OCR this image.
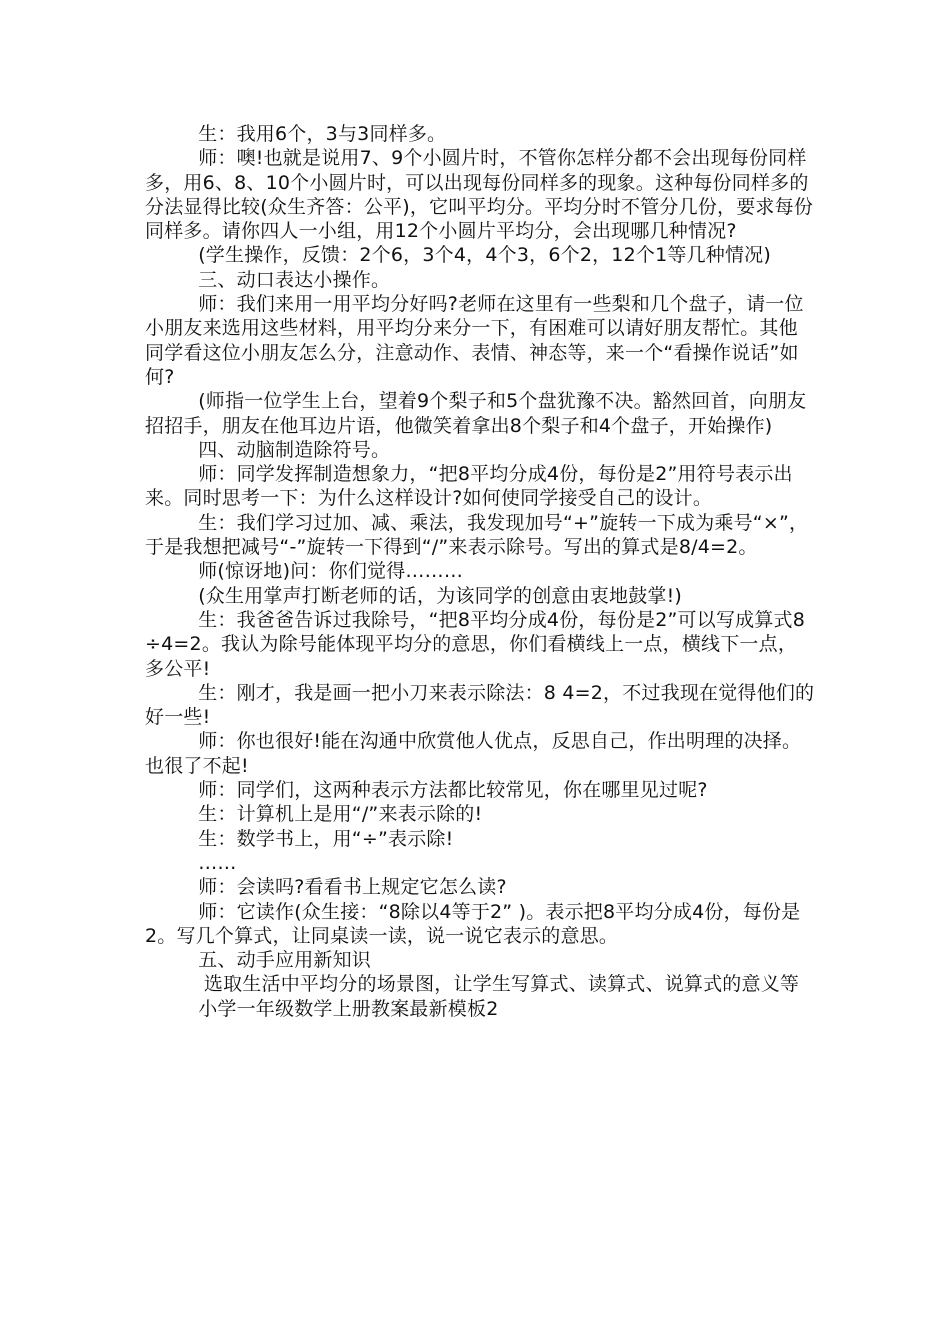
生：我用6个，3与3同样多。

师：噢!也就是说用7、9个小圆片时，不管你怎样分都不会出现每份同样多，用6、8、10个小圆片时，可以出现每份同样多的现象。这种每份同样多的分法显得比较(众生齐答：公平)，它叫平均分。平均分时不管分几份，要求每份同样多。请你四人一小组，用12个小圆片平均分，会出现哪几种情况?

(学生操作，反馈：2个6，3个4，4个3，6个2，12个1等几种情况)

三、动口表达小操作。

师：我们来用一用平均分好吗?老师在这里有一些梨和几个盘子，请一位小朋友来选用这些材料，用平均分来分一下，有困难可以请好朋友帮忙。其他同学看这位小朋友怎么分，注意动作、表情、神态等，来一个“看操作说话”如何?

(师指一位学生上台，望着9个梨子和5个盘犹豫不决。豁然回首，向朋友招招手，朋友在他耳边片语，他微笑着拿出8个梨子和4个盘子，开始操作)

四、动脑制造除符号。

师：同学发挥制造想象力，“把8平均分成4份，每份是2”用符号表示出来。同时思考一下：为什么这样设计?如何使同学接受自己的设计。

生：我们学习过加、减、乘法，我发现加号“+”旋转一下成为乘号“×”，于是我想把减号“-”旋转一下得到“/”来表示除号。写出的算式是8/4=2。

师(惊讶地)问：你们觉得………

(众生用掌声打断老师的话，为该同学的创意由衷地鼓掌!)

生：我爸爸告诉过我除号，“把8平均分成4份，每份是2”可以写成算式8÷4=2。我认为除号能体现平均分的意思，你们看横线上一点，横线下一点，多公平!

生：刚才，我是画一把小刀来表示除法：8 4=2，不过我现在觉得他们的好一些!

师：你也很好!能在沟通中欣赏他人优点，反思自己，作出明理的决择。也很了不起!

师：同学们，这两种表示方法都比较常见，你在哪里见过呢?

生：计算机上是用“/”来表示除的!

生：数学书上，用“÷”表示除!

……

师：会读吗?看看书上规定它怎么读?

师：它读作(众生接：“8除以4等于2” )。表示把8平均分成4份，每份是2。写几个算式，让同桌读一读，说一说它表示的意思。

五、动手应用新知识

选取生活中平均分的场景图，让学生写算式、读算式、说算式的意义等

小学一年级数学上册教案最新模板2
